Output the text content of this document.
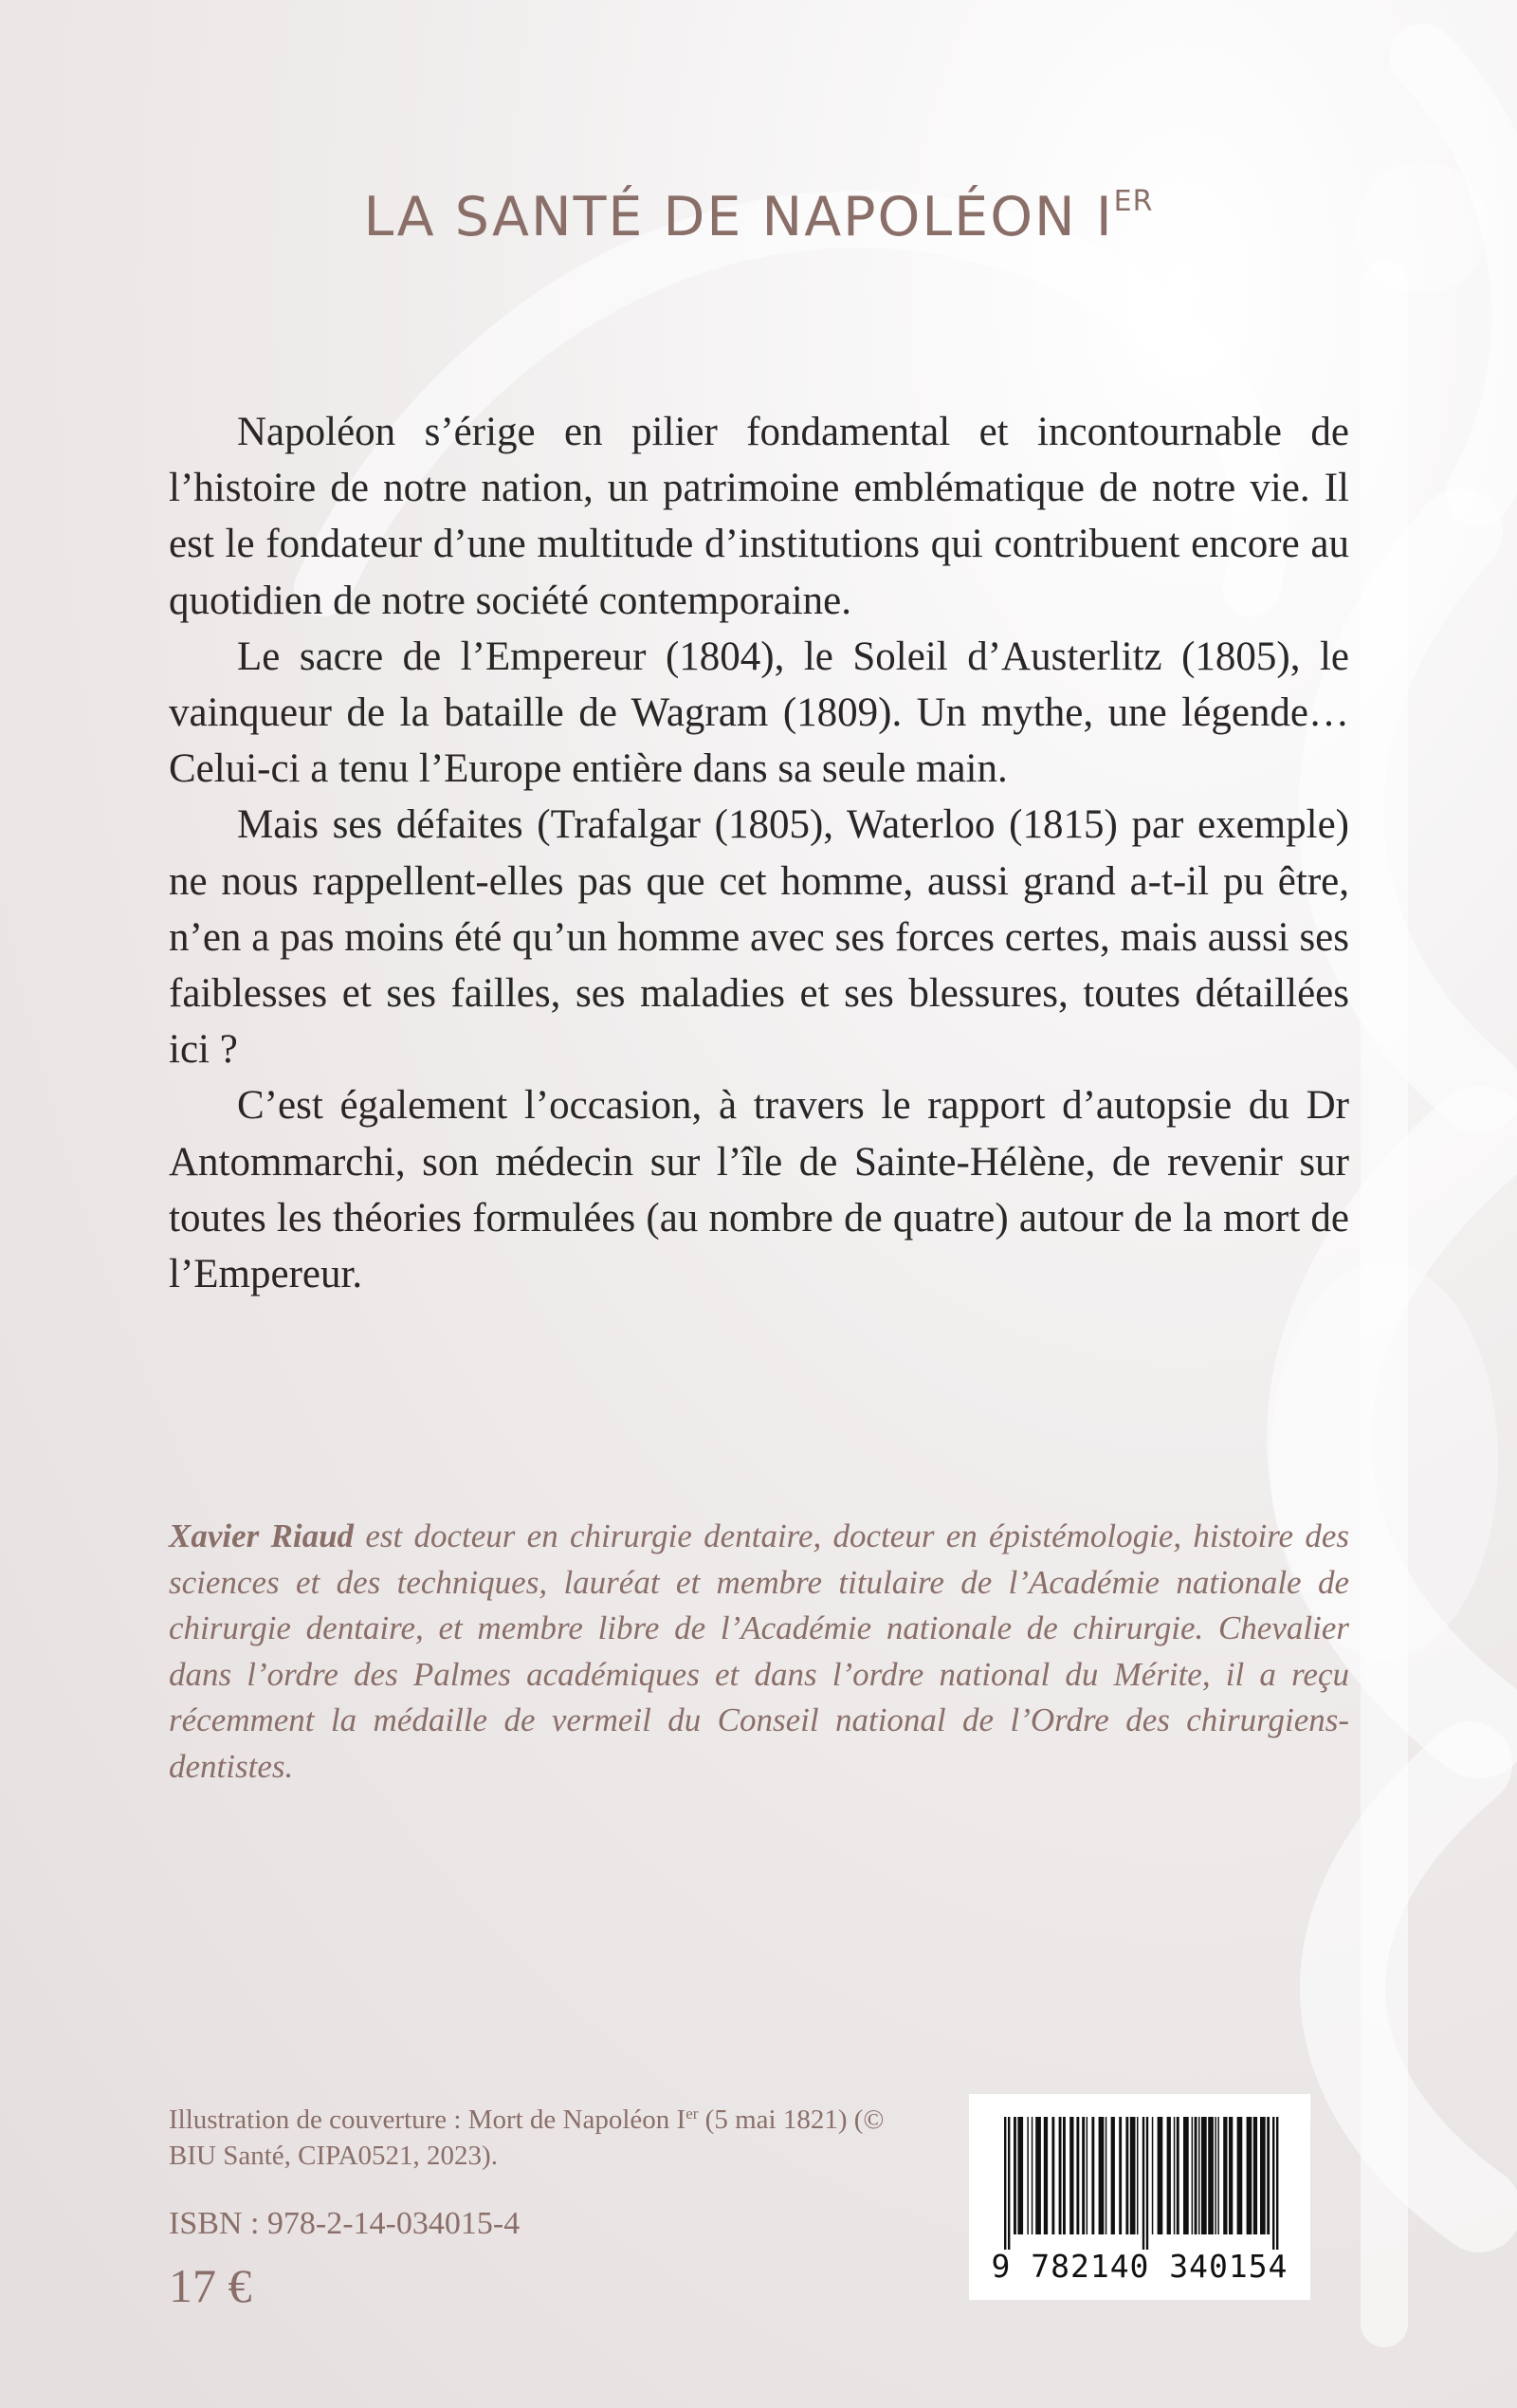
LA SANTÉ DE NAPOLÉON IER

Napoléon s’érige en pilier fondamental et incontournable de l’histoire de notre nation, un patrimoine emblématique de notre vie. Il est le fondateur d’une multitude d’institutions qui contribuent encore au quotidien de notre société contemporaine.

Le sacre de l’Empereur (1804), le Soleil d’Austerlitz (1805), le vainqueur de la bataille de Wagram (1809). Un mythe, une légende… Celui-ci a tenu l’Europe entière dans sa seule main.

Mais ses défaites (Trafalgar (1805), Waterloo (1815) par exemple) ne nous rappellent-elles pas que cet homme, aussi grand a-t-il pu être, n’en a pas moins été qu’un homme avec ses forces certes, mais aussi ses faiblesses et ses failles, ses maladies et ses blessures, toutes détaillées ici ?

C’est également l’occasion, à travers le rapport d’autopsie du Dr Antommarchi, son médecin sur l’île de Sainte-Hélène, de revenir sur toutes les théories formulées (au nombre de quatre) autour de la mort de l’Empereur.

Xavier Riaud est docteur en chirurgie dentaire, docteur en épistémologie, histoire des sciences et des techniques, lauréat et membre titulaire de l’Académie nationale de chirurgie dentaire, et membre libre de l’Académie nationale de chirurgie. Chevalier dans l’ordre des Palmes académiques et dans l’ordre national du Mérite, il a reçu récemment la médaille de vermeil du Conseil national de l’Ordre des chirurgiens-dentistes.

Illustration de couverture : Mort de Napoléon Ier (5 mai 1821) (© BIU Santé, CIPA0521, 2023).

ISBN : 978-2-14-034015-4

17 €	9 782140 340154
